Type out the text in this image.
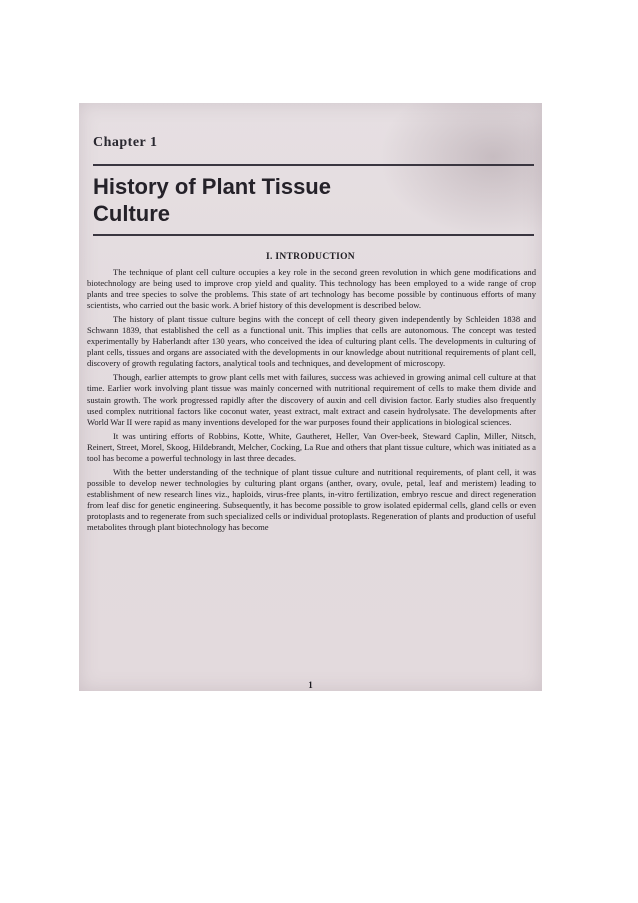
Chapter 1
History of Plant Tissue Culture
I. INTRODUCTION

The technique of plant cell culture occupies a key role in the second green revolution in which gene modifications and biotechnology are being used to improve crop yield and quality. This technology has been employed to a wide range of crop plants and tree species to solve the problems. This state of art technology has become possible by continuous efforts of many scientists, who carried out the basic work. A brief history of this development is described below.

The history of plant tissue culture begins with the concept of cell theory given independently by Schleiden 1838 and Schwann 1839, that established the cell as a functional unit. This implies that cells are autonomous. The concept was tested experimentally by Haberlandt after 130 years, who conceived the idea of culturing plant cells. The developments in culturing of plant cells, tissues and organs are associated with the developments in our knowledge about nutritional requirements of plant cell, discovery of growth regulating factors, analytical tools and techniques, and development of microscopy.

Though, earlier attempts to grow plant cells met with failures, success was achieved in growing animal cell culture at that time. Earlier work involving plant tissue was mainly concerned with nutritional requirement of cells to make them divide and sustain growth. The work progressed rapidly after the discovery of auxin and cell division factor. Early studies also frequently used complex nutritional factors like coconut water, yeast extract, malt extract and casein hydrolysate. The developments after World War II were rapid as many inventions developed for the war purposes found their applications in biological sciences.

It was untiring efforts of Robbins, Kotte, White, Gautheret, Heller, Van Over-beek, Steward Caplin, Miller, Nitsch, Reinert, Street, Morel, Skoog, Hildebrandt, Melcher, Cocking, La Rue and others that plant tissue culture, which was initiated as a tool has become a powerful technology in last three decades.

With the better understanding of the technique of plant tissue culture and nutritional requirements, of plant cell, it was possible to develop newer technologies by culturing plant organs (anther, ovary, ovule, petal, leaf and meristem) leading to establishment of new research lines viz., haploids, virus-free plants, in-vitro fertilization, embryo rescue and direct regeneration from leaf disc for genetic engineering. Subsequently, it has become possible to grow isolated epidermal cells, gland cells or even protoplasts and to regenerate from such specialized cells or individual protoplasts. Regeneration of plants and production of useful metabolites through plant biotechnology has become

1
